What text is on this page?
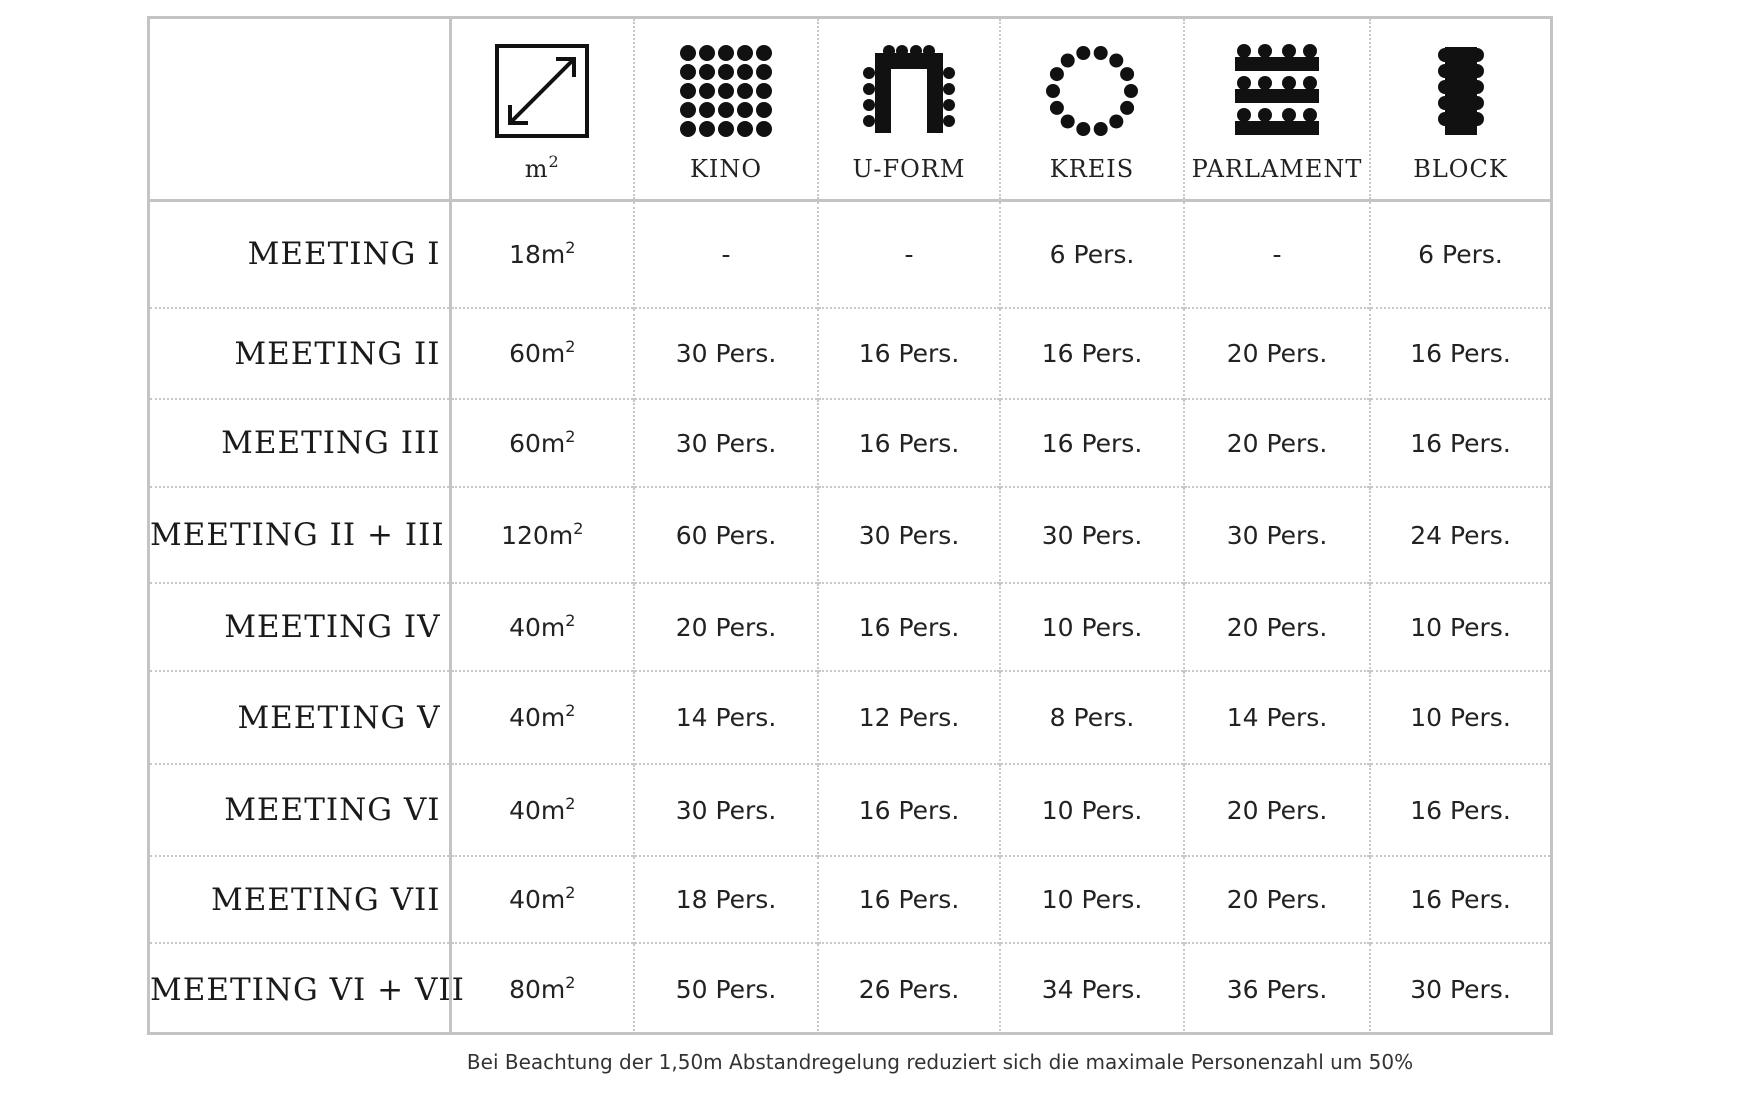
	$m^2$	KINO	U-FORM	KREIS	PARLAMENT	BLOCK

MEETING I	$18m^2$	-	-	6 Pers.	-	6 Pers.
MEETING II	$60m^2$	30 Pers.	16 Pers.	16 Pers.	20 Pers.	16 Pers.
MEETING III	$60m^2$	30 Pers.	16 Pers.	16 Pers.	20 Pers.	16 Pers.
MEETING II + III	$120m^2$	60 Pers.	30 Pers.	30 Pers.	30 Pers.	24 Pers.
MEETING IV	$40m^2$	20 Pers.	16 Pers.	10 Pers.	20 Pers.	10 Pers.
MEETING V	$40m^2$	14 Pers.	12 Pers.	8 Pers.	14 Pers.	10 Pers.
MEETING VI	$40m^2$	30 Pers.	16 Pers.	10 Pers.	20 Pers.	16 Pers.
MEETING VII	$40m^2$	18 Pers.	16 Pers.	10 Pers.	20 Pers.	16 Pers.
MEETING VI + VII	$80m^2$	50 Pers.	26 Pers.	34 Pers.	36 Pers.	30 Pers.
Bei Beachtung der 1,50m Abstandregelung reduziert sich die maximale Personenzahl um 50%
